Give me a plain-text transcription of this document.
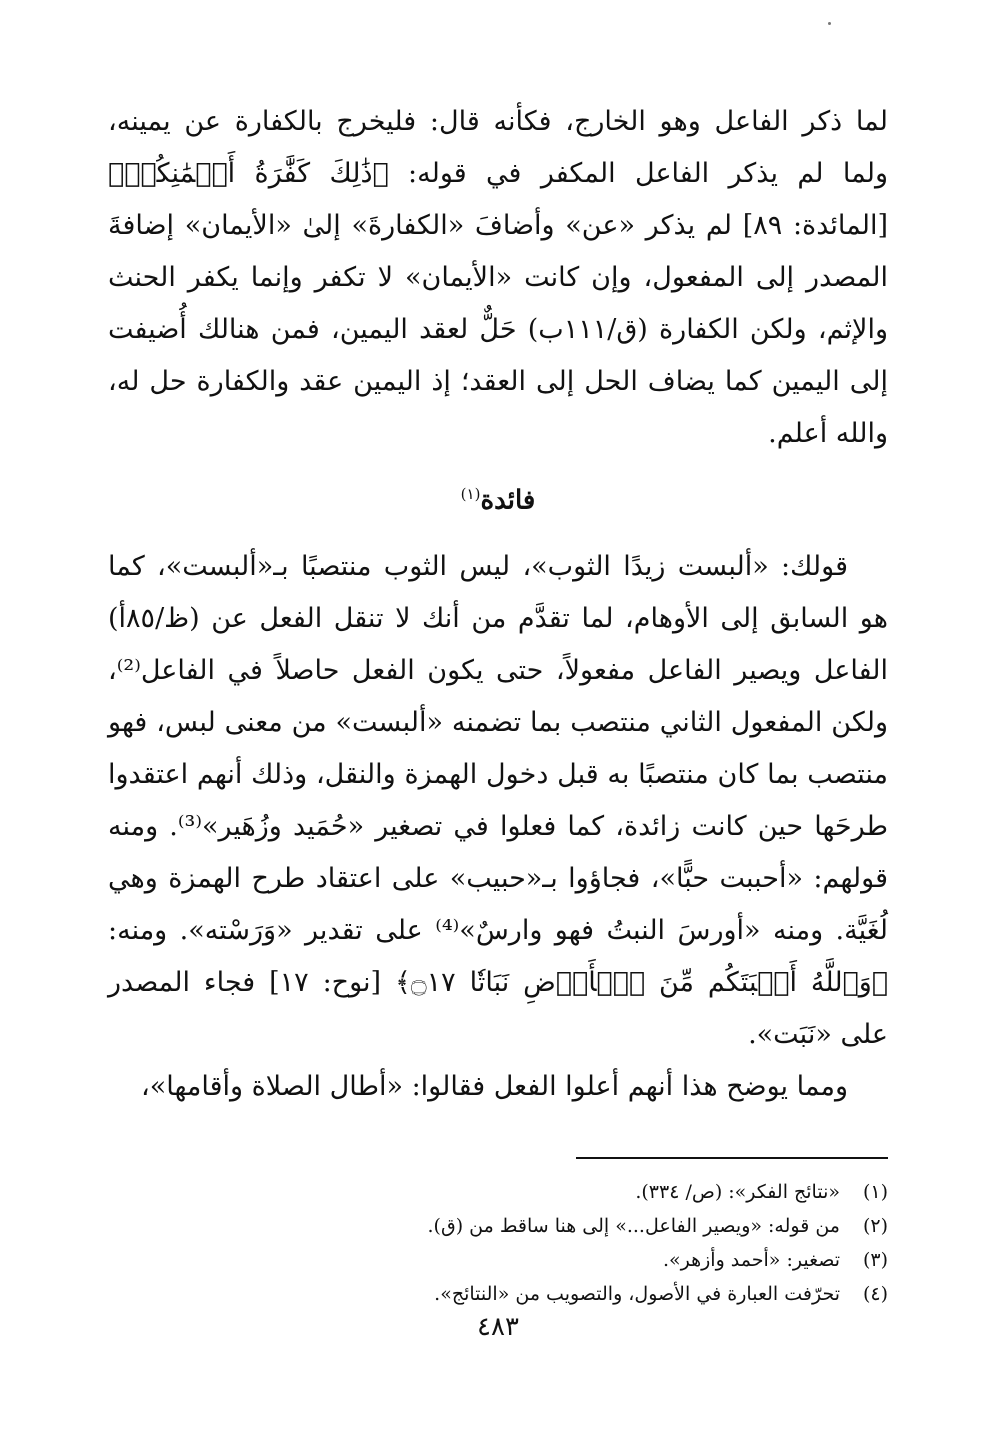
لما ذكر الفاعل وهو الخارج، فكأنه قال: فليخرج بالكفارة عن يمينه، ولما لم يذكر الفاعل المكفر في قوله: ﴿ذَٰلِكَ كَفَّٰرَةُ أَيۡمَٰنِكُمۡ﴾ [المائدة: ٨٩] لم يذكر «عن» وأضافَ «الكفارةَ» إلىٰ «الأيمان» إضافةَ المصدر إلى المفعول، وإن كانت «الأيمان» لا تكفر وإنما يكفر الحنث والإثم، ولكن الكفارة (ق/١١١ب) حَلٌّ لعقد اليمين، فمن هنالك أُضيفت إلى اليمين كما يضاف الحل إلى العقد؛ إذ اليمين عقد والكفارة حل له، والله أعلم.

فائدة$^{(١)}$

قولك: «ألبست زيدًا الثوب»، ليس الثوب منتصبًا بـ«ألبست»، كما هو السابق إلى الأوهام، لما تقدَّم من أنك لا تنقل الفعل عن (ظ/٨٥أ) الفاعل ويصير الفاعل مفعولاً، حتى يكون الفعل حاصلاً في الفاعل⁽²⁾، ولكن المفعول الثاني منتصب بما تضمنه «ألبست» من معنى لبس، فهو منتصب بما كان منتصبًا به قبل دخول الهمزة والنقل، وذلك أنهم اعتقدوا طرحَها حين كانت زائدة، كما فعلوا في تصغير «حُمَيد وزُهَير»⁽³⁾. ومنه قولهم: «أحببت حبًّا»، فجاؤوا بـ«حبيب» على اعتقاد طرح الهمزة وهي لُغَيَّة. ومنه «أورسَ النبتُ فهو وارسٌ»⁽⁴⁾ على تقدير «وَرَسْته». ومنه: ﴿وَٱللَّهُ أَنۢبَتَكُم مِّنَ ٱلۡأَرۡضِ نَبَاتٗا ۝١٧﴾ [نوح: ١٧] فجاء المصدر على «نَبَت».

ومما يوضح هذا أنهم أعلوا الفعل فقالوا: «أطال الصلاة وأقامها»،

(١)
«نتائج الفكر»: (ص/ ٣٣٤).
(٢)
من قوله: «ويصير الفاعل...» إلى هنا ساقط من (ق).
(٣)
تصغير: «أحمد وأزهر».
(٤)
تحرّفت العبارة في الأصول، والتصويب من «النتائج».
٤٨٣
